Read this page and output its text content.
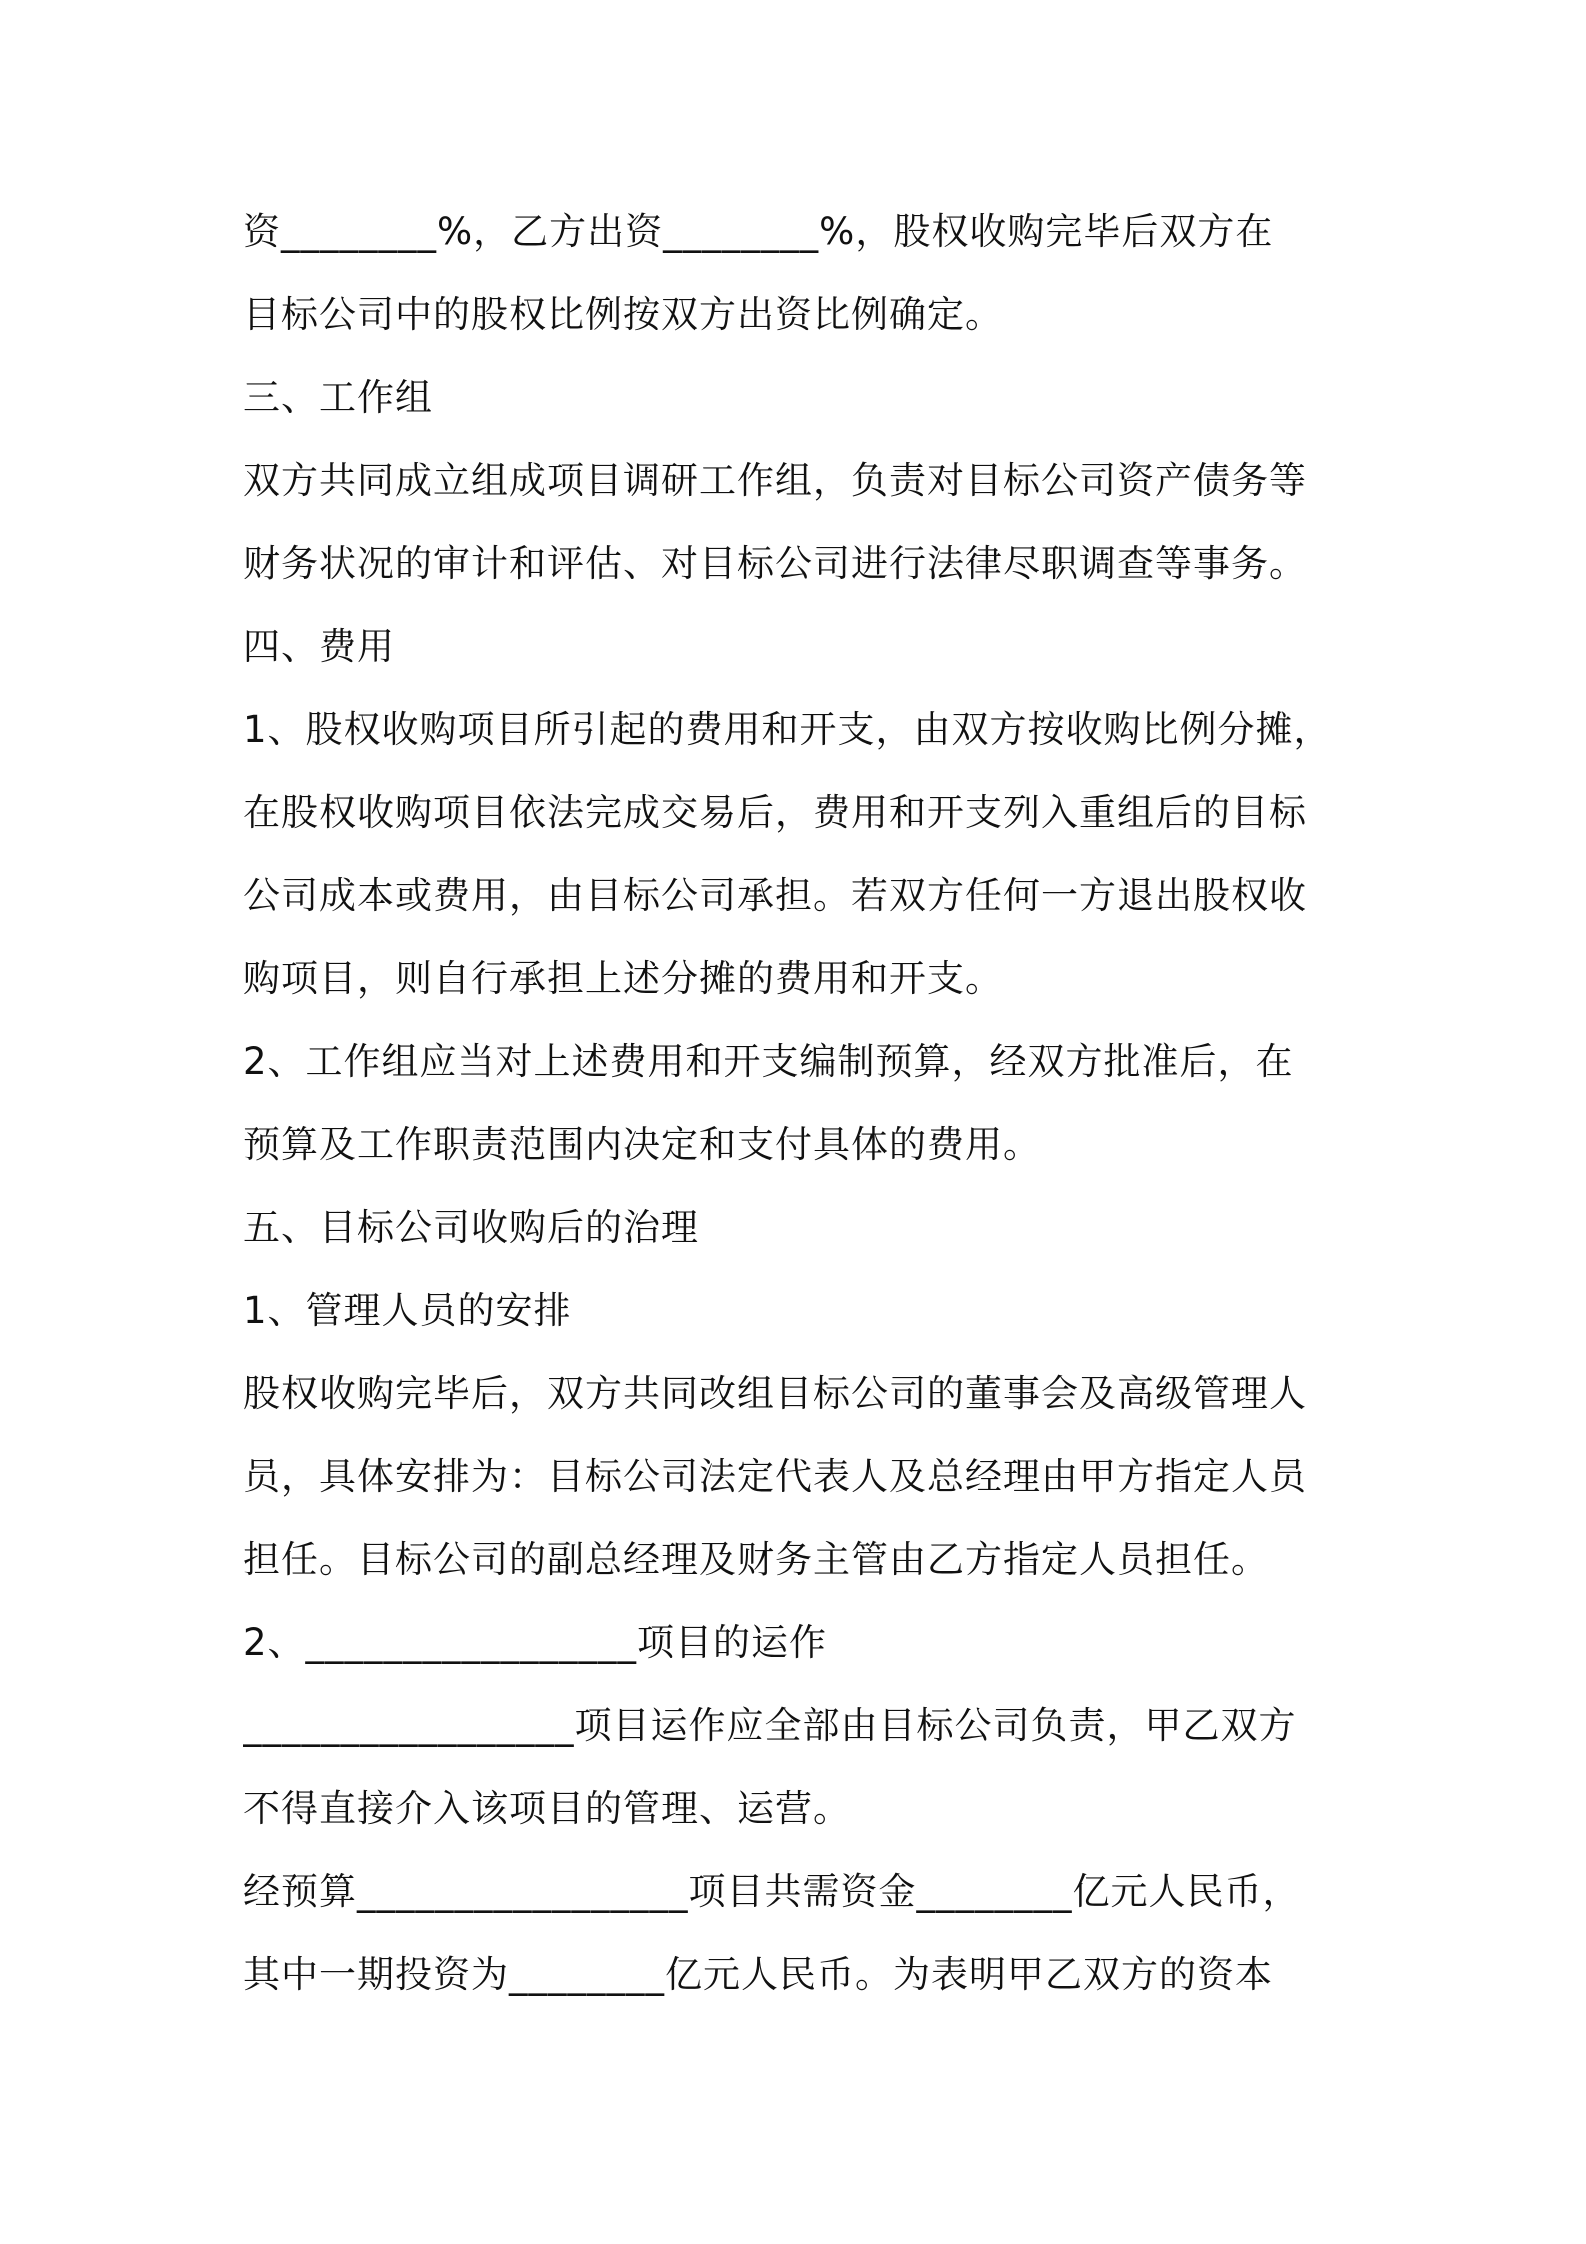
资________%，乙方出资________%，股权收购完毕后双方在
目标公司中的股权比例按双方出资比例确定。
三、工作组
双方共同成立组成项目调研工作组，负责对目标公司资产债务等
财务状况的审计和评估、对目标公司进行法律尽职调查等事务。
四、费用
1、股权收购项目所引起的费用和开支，由双方按收购比例分摊，
在股权收购项目依法完成交易后，费用和开支列入重组后的目标
公司成本或费用，由目标公司承担。若双方任何一方退出股权收
购项目，则自行承担上述分摊的费用和开支。
2、工作组应当对上述费用和开支编制预算，经双方批准后，在
预算及工作职责范围内决定和支付具体的费用。
五、目标公司收购后的治理
1、管理人员的安排
股权收购完毕后，双方共同改组目标公司的董事会及高级管理人
员，具体安排为：目标公司法定代表人及总经理由甲方指定人员
担任。目标公司的副总经理及财务主管由乙方指定人员担任。
2、_________________项目的运作
_________________项目运作应全部由目标公司负责，甲乙双方
不得直接介入该项目的管理、运营。
经预算_________________项目共需资金________亿元人民币，
其中一期投资为________亿元人民币。为表明甲乙双方的资本
